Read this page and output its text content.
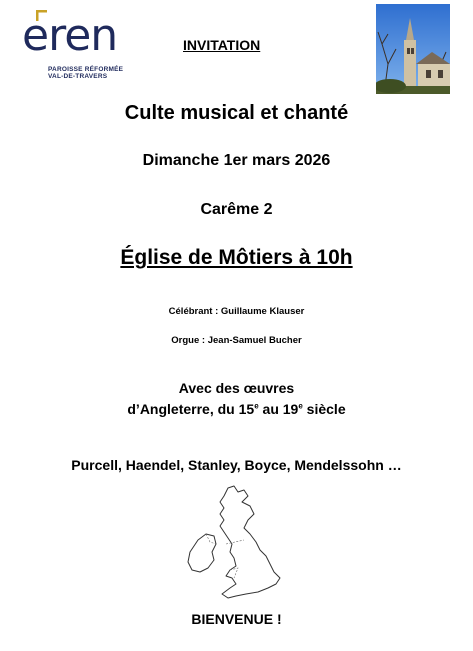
eren
PAROISSE RÉFORMÉE
VAL-DE-TRAVERS
INVITATION
Culte musical et chanté
Dimanche 1er mars 2026
Carême 2
Église de Môtiers à 10h
Célébrant : Guillaume Klauser
Orgue : Jean-Samuel Bucher
Avec des œuvres
d’Angleterre, du 15e au 19e siècle
Purcell, Haendel, Stanley, Boyce, Mendelssohn …
BIENVENUE !
